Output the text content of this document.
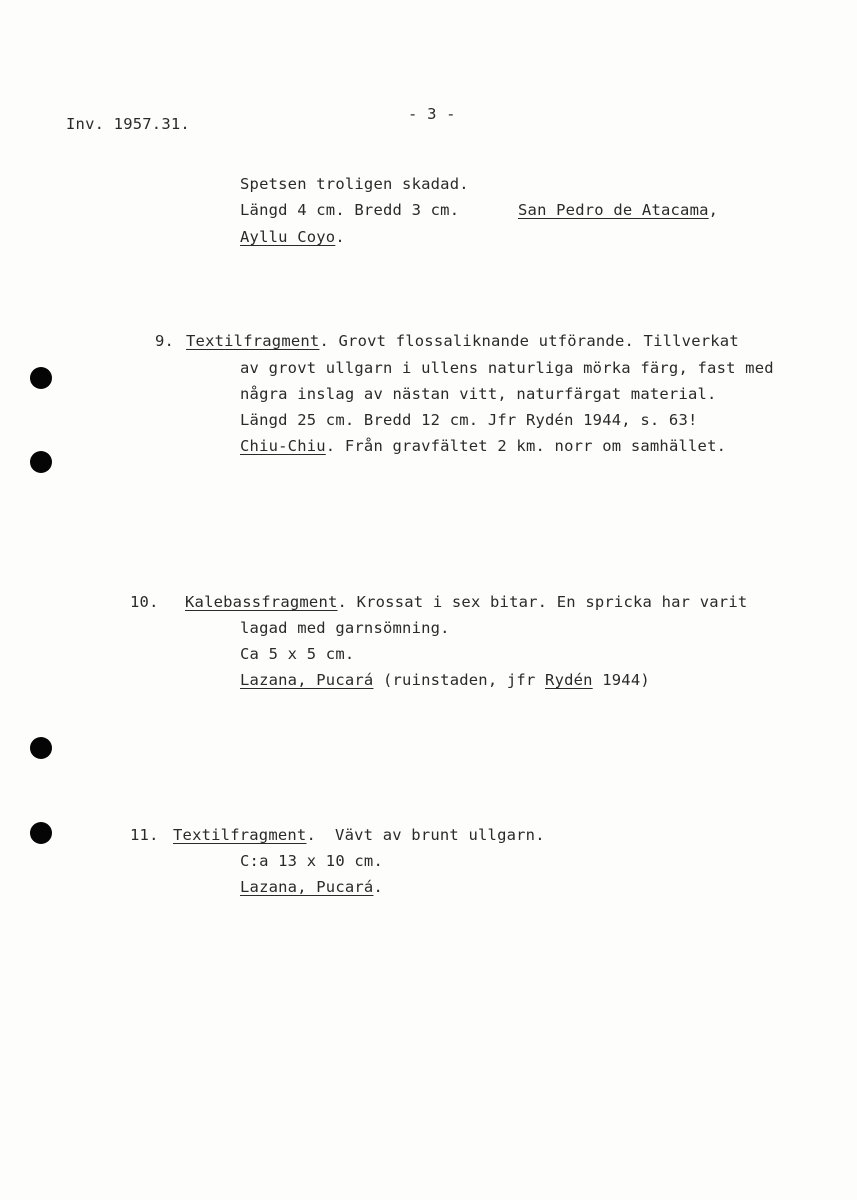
Inv. 1957.31.
- 3 -
Spetsen troligen skadad.
Längd 4 cm. Bredd 3 cm.	San Pedro de Atacama,
Ayllu Coyo.
9. Textilfragment. Grovt flossaliknande utförande. Tillverkat
av grovt ullgarn i ullens naturliga mörka färg, fast med
några inslag av nästan vitt, naturfärgat material.
Längd 25 cm. Bredd 12 cm. Jfr Rydén 1944, s. 63!
Chiu-Chiu. Från gravfältet 2 km. norr om samhället.
10. Kalebassfragment. Krossat i sex bitar. En spricka har varit
lagad med garnsömning.
Ca 5 x 5 cm.
Lazana, Pucará (ruinstaden, jfr Rydén 1944)
11. Textilfragment.  Vävt av brunt ullgarn.
C:a 13 x 10 cm.
Lazana, Pucará.
